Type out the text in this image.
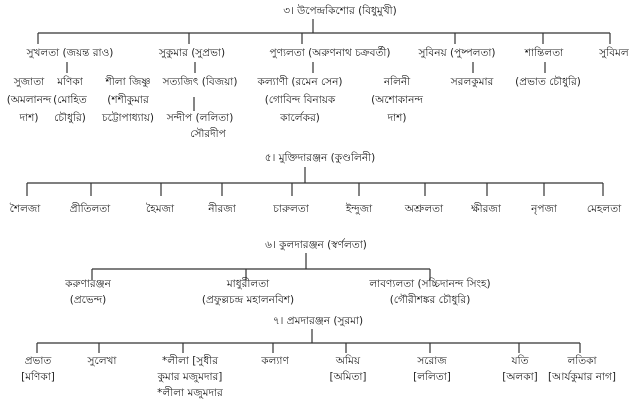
৩। উপেন্দ্রকিশোর (বিধুমুখী)
সুখলতা (জয়ন্ত রাও)	সুকুমার (সুপ্রভা)	পুণ্যলতা (অরুণনাথ চক্রবর্তী)	সুবিনয় (পুষ্পলতা)	শান্তিলতা	সুবিমল
সুজাতা
(অমলানন্দ
দাশ)
মণিকা
(মোহিত
চৌধুরি)
শীলা জিষ্ণু
(শশীকুমার
চট্টোপাধ্যায়)
সত্যজিৎ (বিজয়া)
সন্দীপ (ললিতা)
সৌরদীপ
কল্যাণী (রমেন সেন)
(গোবিন্দ বিনায়ক
কার্লেকর)
নলিনী
(অশোকানন্দ
দাশ)
সরলকুমার (প্রভাত চৌধুরি)
৫। মুক্তিদারঞ্জন (কুণ্ডলিনী)
শৈলজা	প্রীতিলতা	হৈমজা	নীরজা	চারুলতা	ইন্দুজা	অশ্রুলতা	ক্ষীরজা	নৃপজা	মেহলতা
৬। কুলদারঞ্জন (স্বর্ণলতা)
করুণারঞ্জন
(প্রভেন্দ)
মাধুরীলতা
(প্রফুল্লচন্দ্র মহালনবিশ)
লাবণ্যলতা (সচ্চিদানন্দ সিংহ)
(গৌরীশঙ্কর চৌধুরি)
৭। প্রমদারঞ্জন (সুরমা)
প্রভাত
[মণিকা]
সুলেখা	*লীলা [সুধীর
কুমার মজুমদার]
*লীলা মজুমদার
কল্যাণ	অমিয়
[অমিতা]
সরোজ
[ললিতা]
যতি
[অলকা]
লতিকা
[আর্যকুমার নাগ]
